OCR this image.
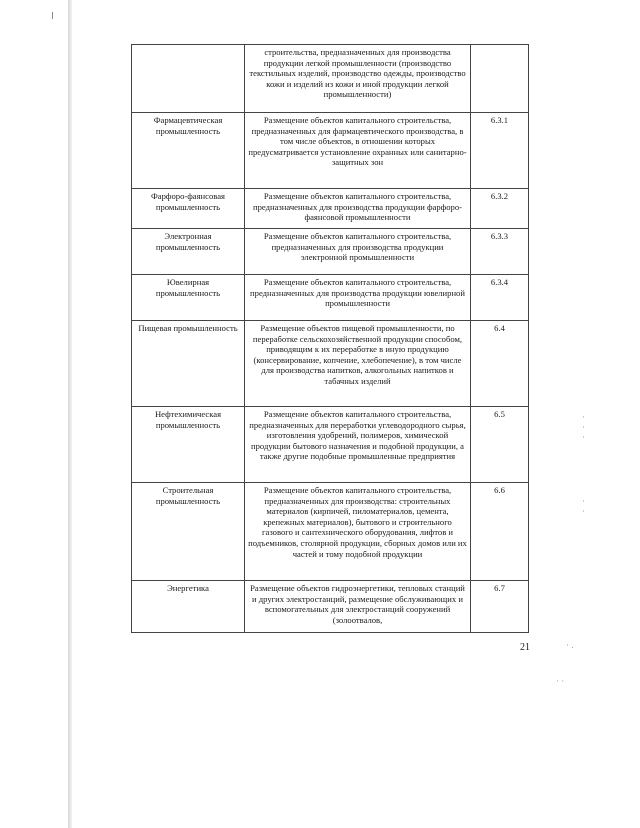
·
·
·
·
·
· .
· ·
	строительства, предназначенных для производства продукции легкой промышленности (производство текстильных изделий, производство одежды, производство кожи и изделий из кожи и иной продукции легкой промышленности)	
Фармацевтическая промышленность	Размещение объектов капитального строительства, предназначенных для фармацевтического производства, в том числе объектов, в отношении которых предусматривается установление охранных или санитарно-защитных зон	6.3.1
Фарфоро-фаянсовая промышленность	Размещение объектов капитального строительства, предназначенных для производства продукции фарфоро-фаянсовой промышленности	6.3.2
Электронная промышленность	Размещение объектов капитального строительства, предназначенных для производства продукции электронной промышленности	6.3.3
Ювелирная промышленность	Размещение объектов капитального строительства, предназначенных для производства продукции ювелирной промышленности	6.3.4
Пищевая промышленность	Размещение объектов пищевой промышленности, по переработке сельскохозяйственной продукции способом, приводящим к их переработке в иную продукцию (консервирование, копчение, хлебопечение), в том числе для производства напитков, алкогольных напитков и табачных изделий	6.4
Нефтехимическая промышленность	Размещение объектов капитального строительства, предназначенных для переработки углеводородного сырья, изготовления удобрений, полимеров, химической продукции бытового назначения и подобной продукции, а также другие подобные промышленные предприятия	6.5
Строительная промышленность	Размещение объектов капитального строительства, предназначенных для производства: строительных материалов (кирпичей, пиломатериалов, цемента, крепежных материалов), бытового и строительного газового и сантехнического оборудования, лифтов и подъемников, столярной продукции, сборных домов или их частей и тому подобной продукции	6.6
Энергетика	Размещение объектов гидроэнергетики, тепловых станций и других электростанций, размещение обслуживающих и вспомогательных для электростанций сооружений (золоотвалов,	6.7
21
